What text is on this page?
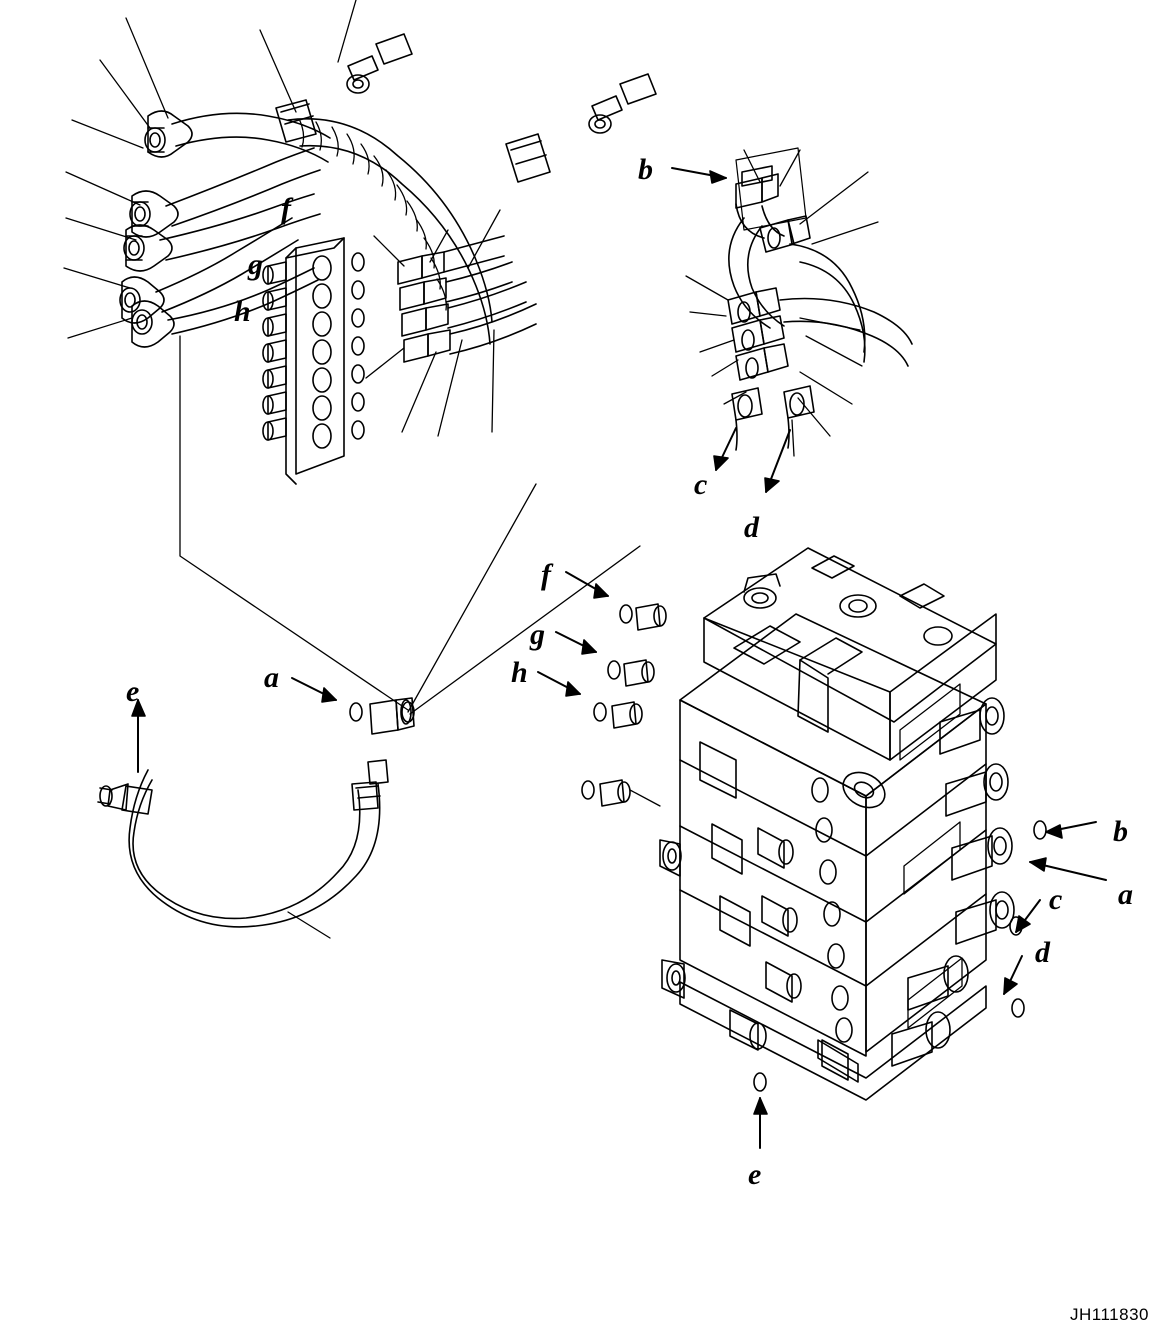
f
g
h
b
c
d
f
g
h
a
e
b
a
c
d
e
JH111830
